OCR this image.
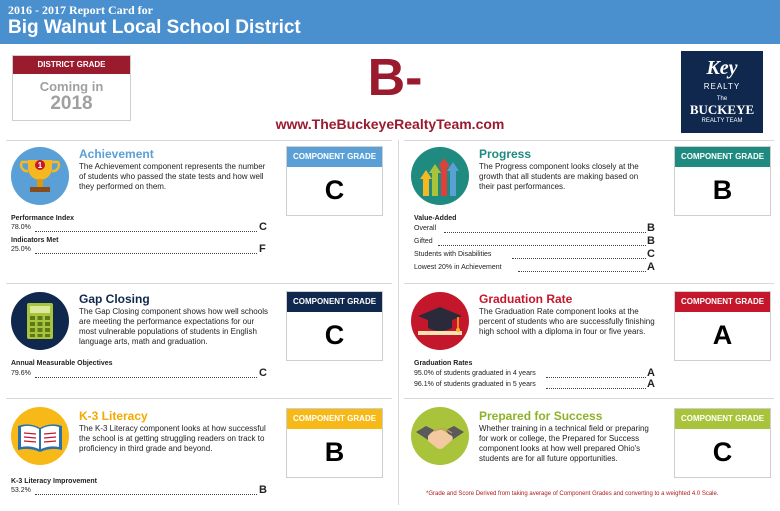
2016 - 2017 Report Card for
Big Walnut Local School District
DISTRICT GRADE
Coming in
2018	B-
www.TheBuckeyeRealtyTeam.com
Key
REALTY
The
BUCKEYE
REALTY TEAM
1
Achievement
The Achievement component represents the number
of students who passed the state tests and how well
they performed on them.
COMPONENT GRADE
C
Performance Index
78.0%	C
Indicators Met
25.0%	F
Progress
The Progress component looks closely at the
growth that all students are making based on
their past performances.
COMPONENT GRADE
B
Value-Added
Overall	B
Gifted	B
Students with Disabilities	C
Lowest 20% in Achievement	A
Gap Closing
The Gap Closing component shows how well schools
are meeting the performance expectations for our
most vulnerable populations of students in English
language arts, math and graduation.
COMPONENT GRADE
C
Annual Measurable Objectives
79.6%	C
Graduation Rate
The Graduation Rate component looks at the
percent of students who are successfully finishing
high school with a diploma in four or five years.
COMPONENT GRADE
A
Graduation Rates
95.0% of students graduated in 4 years	A
96.1% of students graduated in 5 years	A
K-3 Literacy
The K-3 Literacy component looks at how successful
the school is at getting struggling readers on track to
proficiency in third grade and beyond.
COMPONENT GRADE
B
K-3 Literacy Improvement
53.2%	B
Prepared for Success
Whether training in a technical field or preparing
for work or college, the Prepared for Success
component looks at how well prepared Ohio's
students are for all future opportunities.
COMPONENT GRADE
C
*Grade and Score Derived from taking average of Component Grades and converting to a weighted 4.0 Scale.
